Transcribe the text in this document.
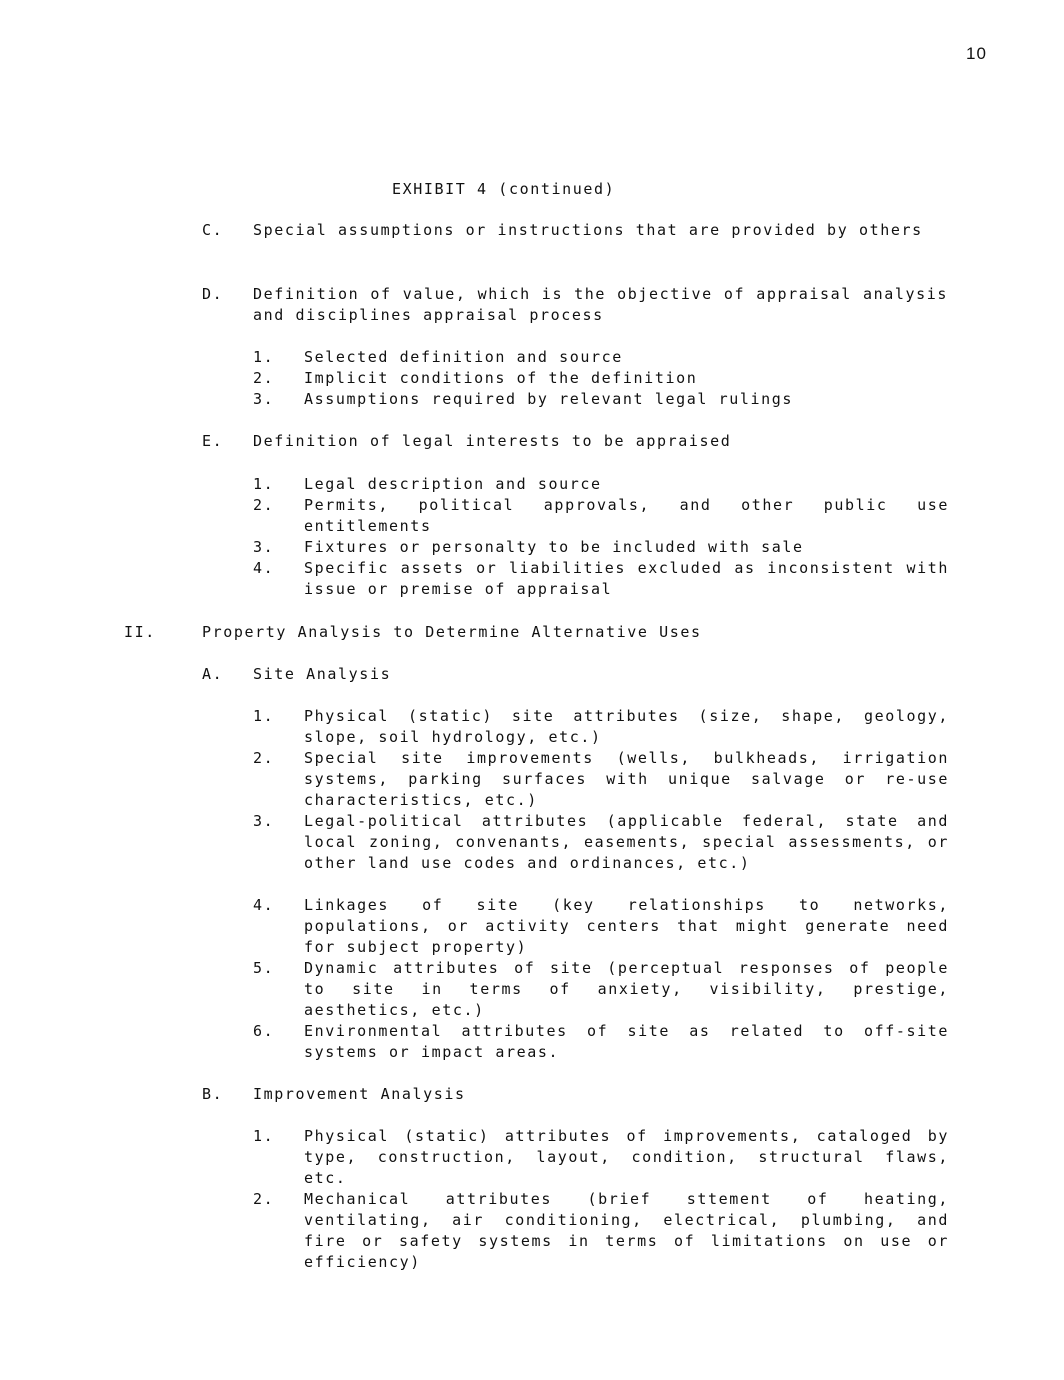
10
EXHIBIT 4 (continued)
C. Special assumptions or instructions that are provided by others
D. Definition of value, which is the objective of appraisal analysis and disciplines appraisal process
1. Selected definition and source
2. Implicit conditions of the definition
3. Assumptions required by relevant legal rulings
E. Definition of legal interests to be appraised
1. Legal description and source
2. Permits, political approvals, and other public use entitlements
3. Fixtures or personalty to be included with sale
4. Specific assets or liabilities excluded as inconsistent with issue or premise of appraisal
II.	Property Analysis to Determine Alternative Uses
A. Site Analysis
1. Physical (static) site attributes (size, shape, geology, slope, soil hydrology, etc.)
2. Special site improvements (wells, bulkheads, irrigation systems, parking surfaces with unique salvage or re-use characteristics, etc.)
3. Legal-political attributes (applicable federal, state and local zoning, convenants, easements, special assessments, or other land use codes and ordinances, etc.)
4. Linkages of site (key relationships to networks, populations, or activity centers that might generate need for subject property)
5. Dynamic attributes of site (perceptual responses of people to site in terms of anxiety, visibility, prestige, aesthetics, etc.)
6. Environmental attributes of site as related to off-site systems or impact areas.
B. Improvement Analysis
1. Physical (static) attributes of improvements, cataloged by type, construction, layout, condition, structural flaws, etc.
2. Mechanical attributes (brief sttement of heating, ventilating, air conditioning, electrical, plumbing, and fire or safety systems in terms of limitations on use or efficiency)
